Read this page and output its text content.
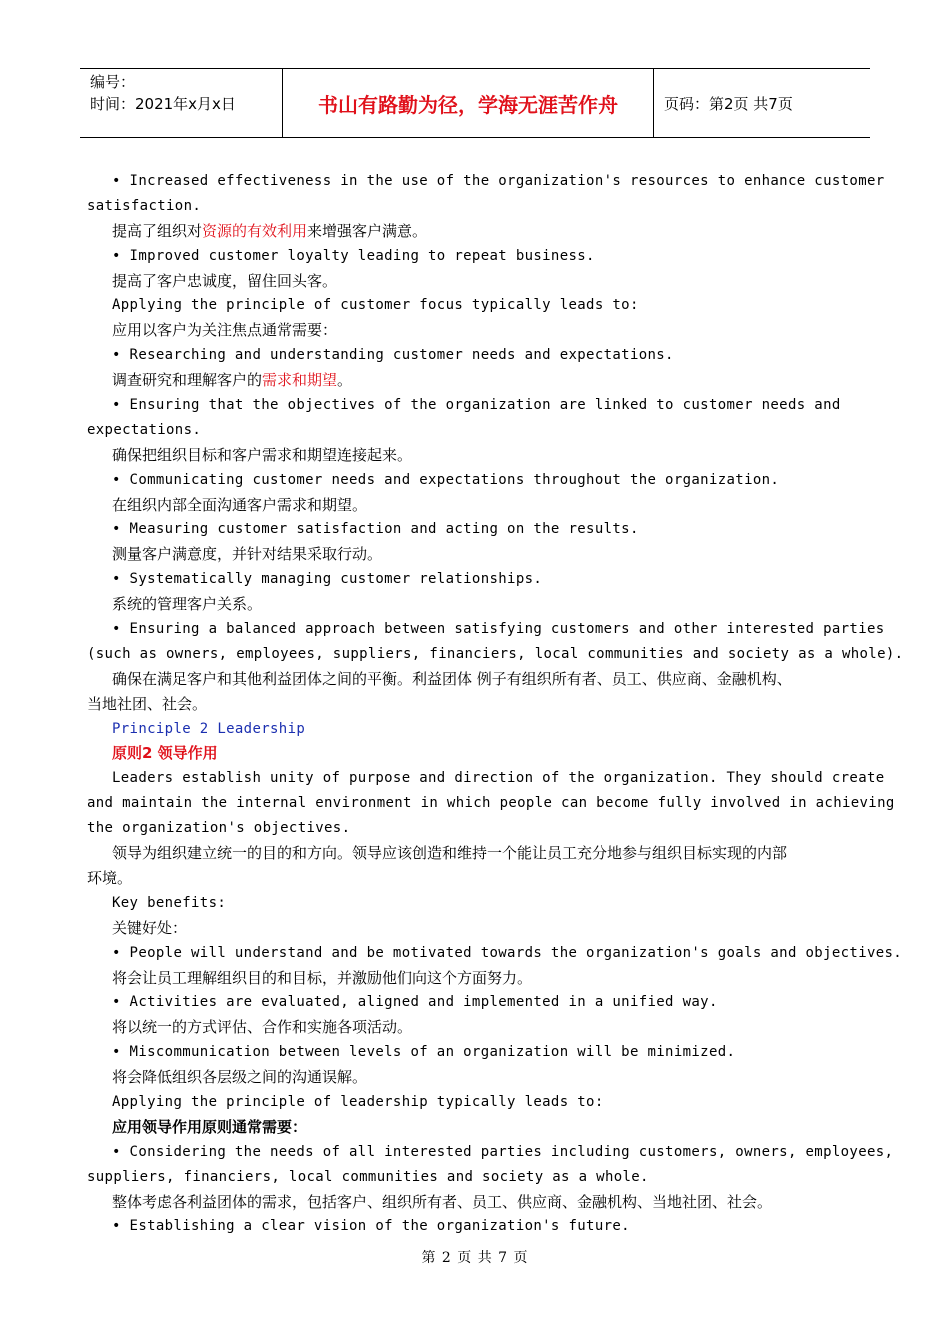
编号：
时间：2021年x月x日	书山有路勤为径，学海无涯苦作舟	页码：第2页 共7页
• Increased effectiveness in the use of the organization's resources to enhance customer
satisfaction.
提高了组织对资源的有效利用来增强客户满意。
• Improved customer loyalty leading to repeat business.
提高了客户忠诚度，留住回头客。
Applying the principle of customer focus typically leads to:
应用以客户为关注焦点通常需要：
• Researching and understanding customer needs and expectations.
调查研究和理解客户的需求和期望。
• Ensuring that the objectives of the organization are linked to customer needs and
expectations.
确保把组织目标和客户需求和期望连接起来。
• Communicating customer needs and expectations throughout the organization.
在组织内部全面沟通客户需求和期望。
• Measuring customer satisfaction and acting on the results.
测量客户满意度，并针对结果采取行动。
• Systematically managing customer relationships.
系统的管理客户关系。
• Ensuring a balanced approach between satisfying customers and other interested parties
(such as owners, employees, suppliers, financiers, local communities and society as a whole).
确保在满足客户和其他利益团体之间的平衡。利益团体 例子有组织所有者、员工、供应商、金融机构、
当地社团、社会。
Principle 2 Leadership
原则2 领导作用
Leaders establish unity of purpose and direction of the organization. They should create
and maintain the internal environment in which people can become fully involved in achieving
the organization's objectives.
领导为组织建立统一的目的和方向。领导应该创造和维持一个能让员工充分地参与组织目标实现的内部
环境。
Key benefits:
关键好处：
• People will understand and be motivated towards the organization's goals and objectives.
将会让员工理解组织目的和目标，并激励他们向这个方面努力。
• Activities are evaluated, aligned and implemented in a unified way.
将以统一的方式评估、合作和实施各项活动。
• Miscommunication between levels of an organization will be minimized.
将会降低组织各层级之间的沟通误解。
Applying the principle of leadership typically leads to:
应用领导作用原则通常需要：
• Considering the needs of all interested parties including customers, owners, employees,
suppliers, financiers, local communities and society as a whole.
整体考虑各利益团体的需求，包括客户、组织所有者、员工、供应商、金融机构、当地社团、社会。
• Establishing a clear vision of the organization's future.
第 2 页 共 7 页
